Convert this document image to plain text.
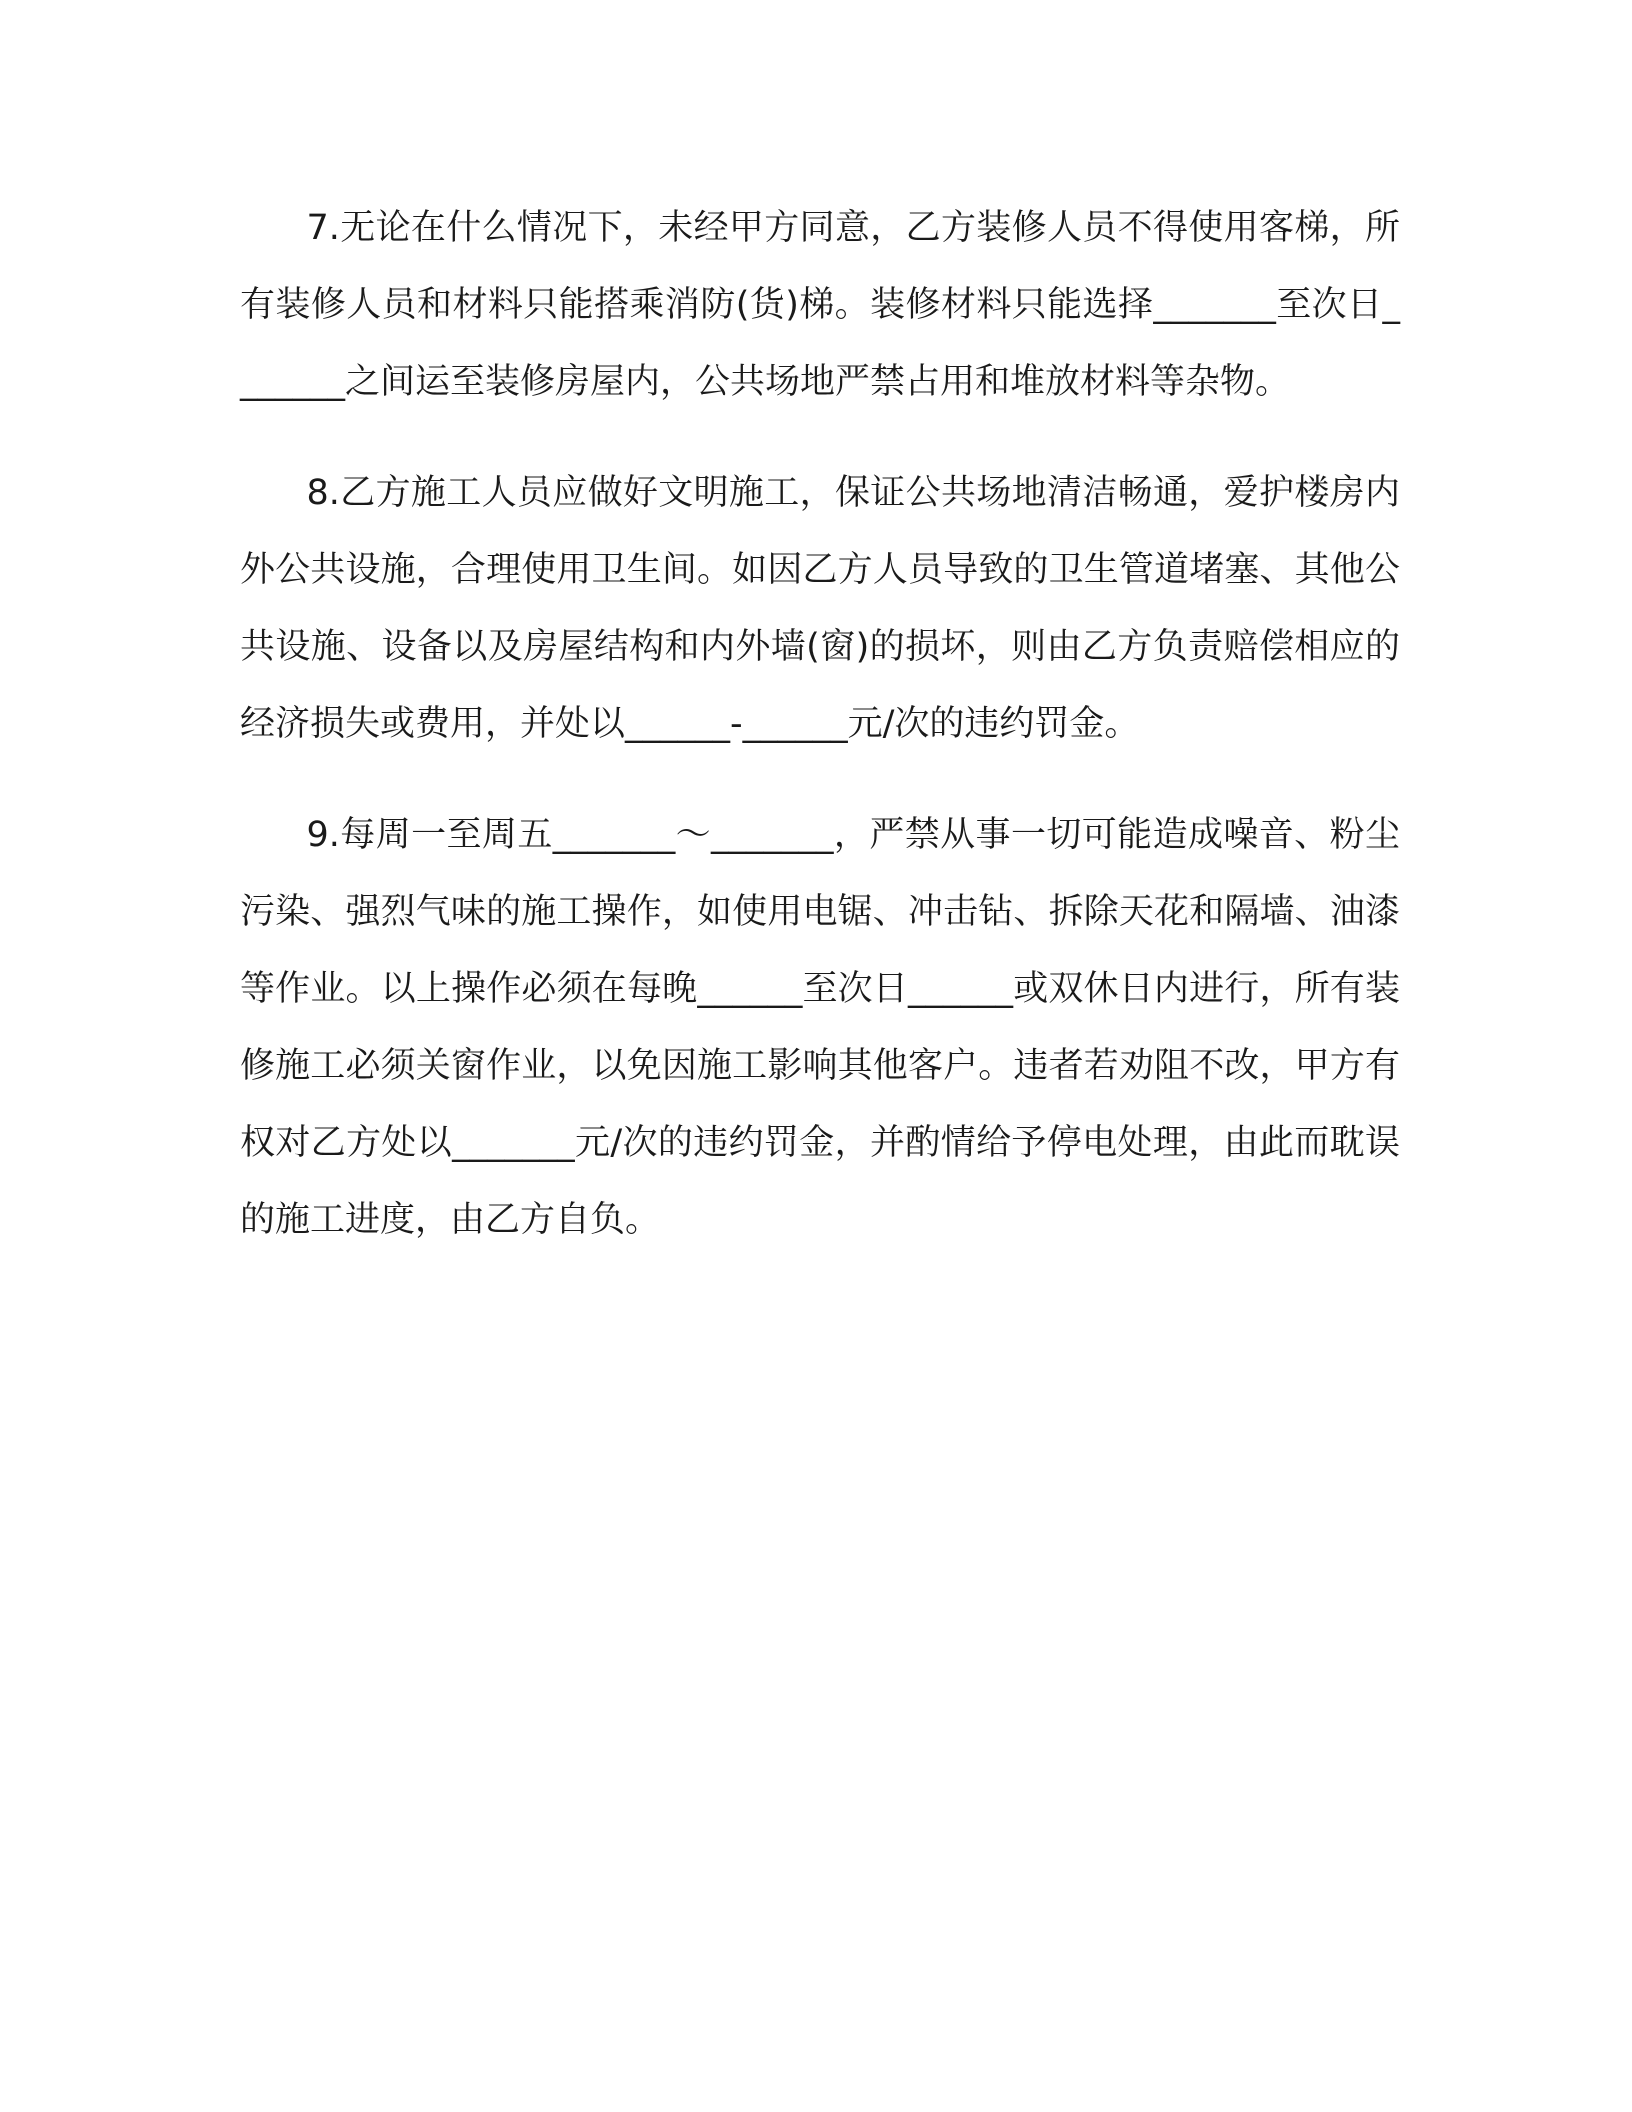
7.无论在什么情况下，未经甲方同意，乙方装修人员不得使用客梯，所有装修人员和材料只能搭乘消防(货)梯。装修材料只能选择_______至次日_______之间运至装修房屋内，公共场地严禁占用和堆放材料等杂物。

8.乙方施工人员应做好文明施工，保证公共场地清洁畅通，爱护楼房内外公共设施，合理使用卫生间。如因乙方人员导致的卫生管道堵塞、其他公共设施、设备以及房屋结构和内外墙(窗)的损坏，则由乙方负责赔偿相应的经济损失或费用，并处以______-______元/次的违约罚金。

9.每周一至周五_______～_______，严禁从事一切可能造成噪音、粉尘污染、强烈气味的施工操作，如使用电锯、冲击钻、拆除天花和隔墙、油漆等作业。以上操作必须在每晚______至次日______或双休日内进行，所有装修施工必须关窗作业，以免因施工影响其他客户。违者若劝阻不改，甲方有权对乙方处以_______元/次的违约罚金，并酌情给予停电处理，由此而耽误的施工进度，由乙方自负。
